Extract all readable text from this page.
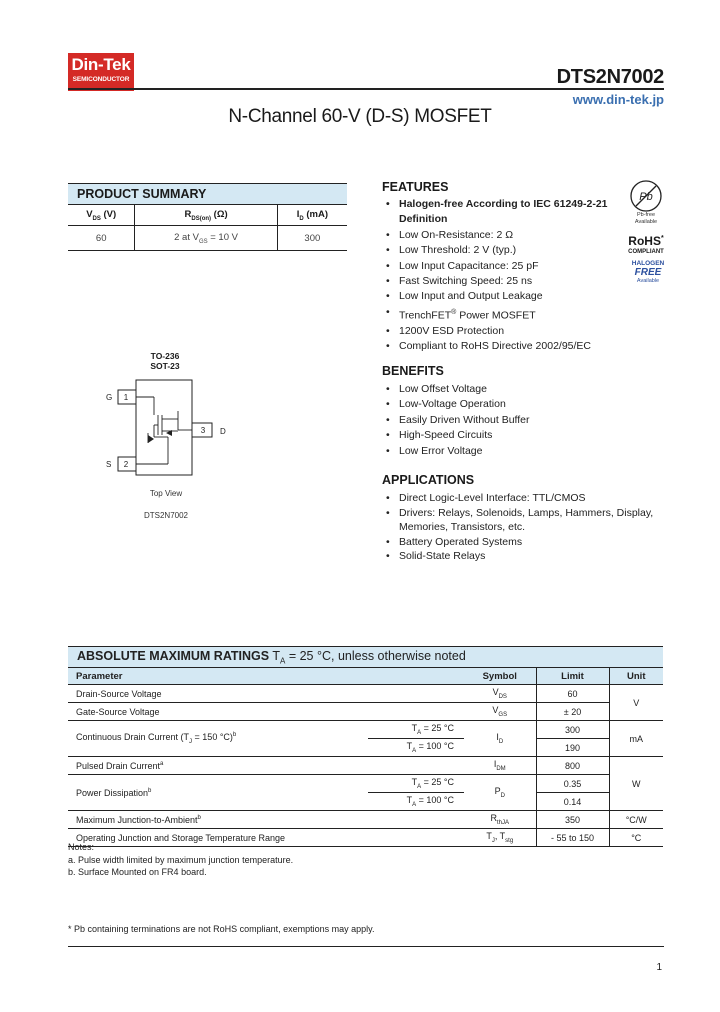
Din-Tek
SEMICONDUCTOR	DTS2N7002
www.din-tek.jp
N-Channel 60-V (D-S) MOSFET
PRODUCT SUMMARY		
$V_{DS}$ (V)	$R_{DS(on)}$ (Ω)	$I_D$ (mA)
60	2 at $V_{GS} = 10$ V	300
TO-236
SOT-23
1
2
3
G
S
D
Top View
DTS2N7002
FEATURES
• Halogen-free According to IEC 61249-2-21 Definition
• Low On-Resistance: 2 Ω
• Low Threshold: 2 V (typ.)
• Low Input Capacitance: 25 pF
• Fast Switching Speed: 25 ns
• Low Input and Output Leakage
• TrenchFET® Power MOSFET
• 1200V ESD Protection
• Compliant to RoHS Directive 2002/95/EC
Pb
Pb-free
Available
RoHS*
COMPLIANT
HALOGEN
FREE
Available
BENEFITS
• Low Offset Voltage
• Low-Voltage Operation
• Easily Driven Without Buffer
• High-Speed Circuits
• Low Error Voltage
APPLICATIONS
• Direct Logic-Level Interface: TTL/CMOS
• Drivers: Relays, Solenoids, Lamps, Hammers, Display, Memories, Transistors, etc.
• Battery Operated Systems
• Solid-State Relays
ABSOLUTE MAXIMUM RATINGS $T_A = 25$ °C, unless otherwise noted				
Parameter		Symbol	Limit	Unit
Drain-Source Voltage		$V_{DS}$	60	V
Gate-Source Voltage		$V_{GS}$	± 20	
Continuous Drain Current ($T_J = 150$ °C)$^b$	$T_A = 25$ °C	$I_D$	300	mA
	$T_A = 100$ °C		190	
Pulsed Drain Current$^a$		$I_{DM}$	800	W
Power Dissipation$^b$	$T_A = 25$ °C	$P_D$	0.35	
	$T_A = 100$ °C		0.14	
Maximum Junction-to-Ambient$^b$		$R_{thJA}$	350	°C/W
Operating Junction and Storage Temperature Range		$T_J$, $T_{stg}$	- 55 to 150	°C
Notes:
a. Pulse width limited by maximum junction temperature.
b. Surface Mounted on FR4 board.
* Pb containing terminations are not RoHS compliant, exemptions may apply.
1
